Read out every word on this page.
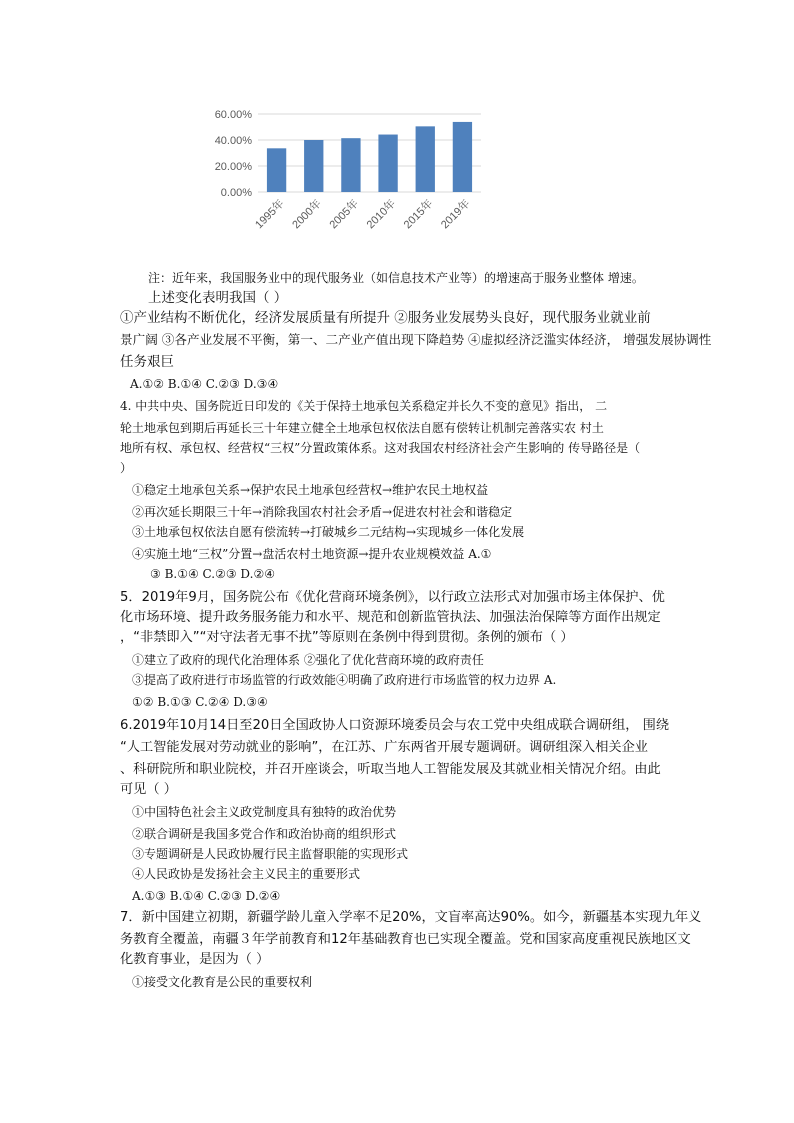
0.00%
20.00%
40.00%
60.00%
1995年 2000年 2005年 2010年 2015年 2019年
注：近年来，我国服务业中的现代服务业（如信息技术产业等）的增速高于服务业整体 增速。
上述变化表明我国（ ）
①产业结构不断优化，经济发展质量有所提升 ②服务业发展势头良好，现代服务业就业前
景广阔 ③各产业发展不平衡，第一、二产业产值出现下降趋势 ④虚拟经济泛滥实体经济， 增强发展协调性
任务艰巨
A.①② B.①④ C.②③ D.③④
4. 中共中央、国务院近日印发的《关于保持土地承包关系稳定并长久不变的意见》指出， 二
轮土地承包到期后再延长三十年建立健全土地承包权依法自愿有偿转让机制完善落实农 村土
地所有权、承包权、经营权“三权”分置政策体系。这对我国农村经济社会产生影响的 传导路径是（
）
①稳定土地承包关系→保护农民土地承包经营权→维护农民土地权益
②再次延长期限三十年→消除我国农村社会矛盾→促进农村社会和谐稳定
③土地承包权依法自愿有偿流转→打破城乡二元结构→实现城乡一体化发展
④实施土地“三权”分置→盘活农村土地资源→提升农业规模效益 A.①
③ B.①④ C.②③ D.②④
5．2019年9月，国务院公布《优化营商环境条例》，以行政立法形式对加强市场主体保护、优
化市场环境、提升政务服务能力和水平、规范和创新监管执法、加强法治保障等方面作出规定
，“非禁即入”“对守法者无事不扰”等原则在条例中得到贯彻。条例的颁布（ ）
①建立了政府的现代化治理体系 ②强化了优化营商环境的政府责任
③提高了政府进行市场监管的行政效能④明确了政府进行市场监管的权力边界 A.
①② B.①③ C.②④ D.③④
6.2019年10月14日至20日全国政协人口资源环境委员会与农工党中央组成联合调研组， 围绕
“人工智能发展对劳动就业的影响”，在江苏、广东两省开展专题调研。调研组深入相关企业
、科研院所和职业院校，并召开座谈会，听取当地人工智能发展及其就业相关情况介绍。由此
可见（ ）
①中国特色社会主义政党制度具有独特的政治优势
②联合调研是我国多党合作和政治协商的组织形式
③专题调研是人民政协履行民主监督职能的实现形式
④人民政协是发扬社会主义民主的重要形式
A.①③ B.①④ C.②③ D.②④
7．新中国建立初期，新疆学龄儿童入学率不足20%，文盲率高达90%。如今，新疆基本实现九年义
务教育全覆盖，南疆３年学前教育和12年基础教育也已实现全覆盖。党和国家高度重视民族地区文
化教育事业，是因为（ ）
①接受文化教育是公民的重要权利
